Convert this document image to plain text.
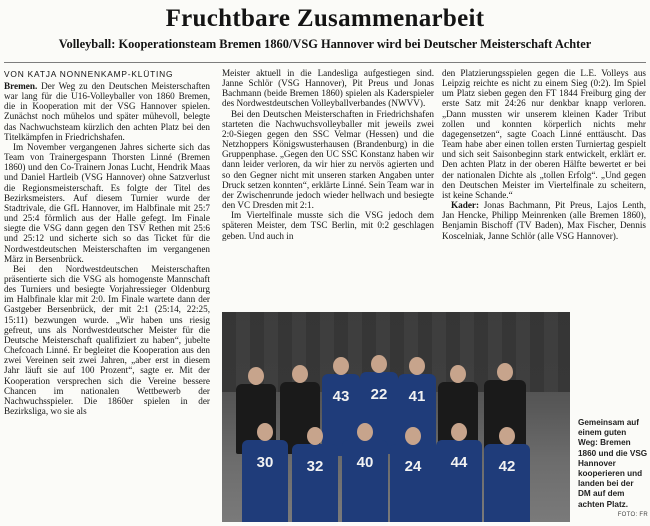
Fruchtbare Zusammenarbeit
Volleyball: Kooperationsteam Bremen 1860/VSG Hannover wird bei Deutscher Meisterschaft Achter
VON KATJA NONNENKAMP-KLÜTING

Bremen. Der Weg zu den Deutschen Meisterschaften war lang für die U16-Volleyballer von 1860 Bremen, die in Kooperation mit der VSG Hannover spielen. Zunächst noch mühelos und später mühevoll, belegte das Nachwuchsteam kürzlich den achten Platz bei den Titelkämpfen in Friedrichshafen.

Im November vergangenen Jahres sicherte sich das Team von Trainergespann Thorsten Linné (Bremen 1860) und den Co-Trainern Jonas Lucht, Hendrik Maas und Daniel Hartleib (VSG Hannover) ohne Satzverlust die Regionsmeisterschaft. Es folgte der Titel des Bezirksmeisters. Auf diesem Turnier wurde der Stadtrivale, die GfL Hannover, im Halbfinale mit 25:7 und 25:4 förmlich aus der Halle gefegt. Im Finale siegte die VSG dann gegen den TSV Rethen mit 25:6 und 25:12 und sicherte sich so das Ticket für die Nordwestdeutschen Meisterschaften im vergangenen März in Bersenbrück.

Bei den Nordwestdeutschen Meisterschaften präsentierte sich die VSG als homogenste Mannschaft des Turniers und besiegte Vorjahressieger Oldenburg im Halbfinale klar mit 2:0. Im Finale wartete dann der Gastgeber Bersenbrück, der mit 2:1 (25:14, 22:25, 15:11) bezwungen wurde. „Wir haben uns riesig gefreut, uns als Nordwestdeutscher Meister für die Deutsche Meisterschaft qualifiziert zu haben“, jubelte Chefcoach Linné. Er begleitet die Kooperation aus den zwei Vereinen seit zwei Jahren, „aber erst in diesem Jahr läuft sie auf 100 Prozent“, sagte er. Mit der Kooperation versprechen sich die Vereine bessere Chancen im nationalen Wettbewerb der Nachwuchsspieler. Die 1860er spielen in der Bezirksliga, wo sie als

Meister aktuell in die Landesliga aufgestiegen sind. Janne Schlör (VSG Hannover), Pit Preus und Jonas Bachmann (beide Bremen 1860) spielen als Kaderspieler des Nordwestdeutschen Volleyballverbandes (NWVV).

Bei den Deutschen Meisterschaften in Friedrichshafen starteten die Nachwuchsvolleyballer mit jeweils zwei 2:0-Siegen gegen den SSC Velmar (Hessen) und die Netzhoppers Königswusterhausen (Brandenburg) in die Gruppenphase. „Gegen den UC SSC Konstanz haben wir dann leider verloren, da wir hier zu nervös agierten und so den Gegner nicht mit unseren starken Angaben unter Druck setzen konnten“, erklärte Linné. Sein Team war in der Zwischenrunde jedoch wieder hellwach und besiegte den VC Dresden mit 2:1.

Im Viertelfinale musste sich die VSG jedoch dem späteren Meister, dem TSC Berlin, mit 0:2 geschlagen geben. Und auch in

den Platzierungsspielen gegen die L.E. Volleys aus Leipzig reichte es nicht zu einem Sieg (0:2). Im Spiel um Platz sieben gegen den FT 1844 Freiburg ging der erste Satz mit 24:26 nur denkbar knapp verloren. „Dann mussten wir unserem kleinen Kader Tribut zollen und konnten körperlich nichts mehr dagegensetzen“, sagte Coach Linné enttäuscht. Das Team habe aber einen tollen ersten Turniertag gespielt und sich seit Saisonbeginn stark entwickelt, erklärt er. Den achten Platz in der oberen Hälfte bewertet er bei der nationalen Dichte als „tollen Erfolg“. „Und gegen den Deutschen Meister im Viertelfinale zu scheitern, ist keine Schande.“

Kader: Jonas Bachmann, Pit Preus, Lajos Lenth, Jan Hencke, Philipp Meinrenken (alle Bremen 1860), Benjamin Bischoff (TV Baden), Max Fischer, Dennis Koscelniak, Janne Schlör (alle VSG Hannover).

43	22	41
30	32	40	24	44	42
Gemeinsam auf einem guten Weg: Bremen 1860 und die VSG Hannover kooperieren und landen bei der DM auf dem achten Platz.
FOTO: FR
